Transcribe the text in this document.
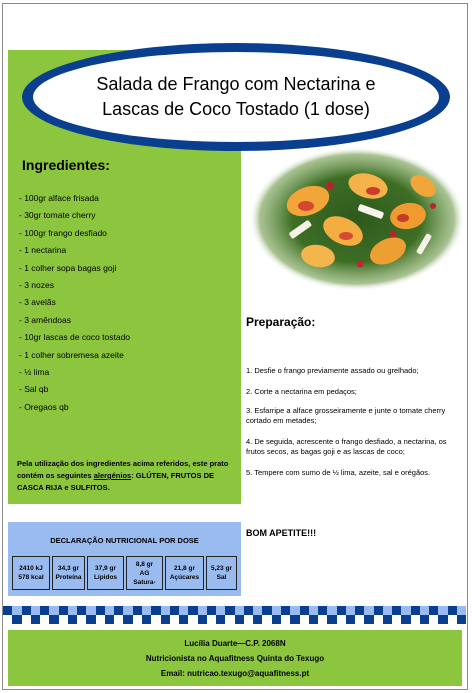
Salada de Frango com Nectarina e Lascas de Coco Tostado (1 dose)
Ingredientes:
- 100gr alface frisada
- 30gr tomate cherry
- 100gr frango desfiado
- 1 nectarina
- 1 colher sopa bagas goji
- 3 nozes
- 3 avelãs
- 3 amêndoas
- 10gr lascas de coco tostado
- 1 colher sobremesa azeite
- ½ lima
- Sal qb
- Oregaos qb
Pela utilização dos ingredientes acima referidos, este prato contém os seguintes alergénios: GLÚTEN, FRUTOS DE CASCA RIJA e SULFITOS.
DECLARAÇÃO NUTRICIONAL POR DOSE
2410 kJ
578 kcal
34,3 gr
Proteína
37,9 gr
Lípidos
8,8 gr
AG Satura-
21,8 gr
Açúcares
5,23 gr
Sal
Preparação:
1. Desfie o frango previamente assado ou grelhado;
2. Corte a nectarina em pedaços;
3. Esfarripe a alface grosseiramente e junte o tomate cherry cortado em metades;
4. De seguida, acrescente o frango desfiado, a nectarina, os frutos secos, as bagas goji e as lascas de coco;
5. Tempere com sumo de ½ lima, azeite, sal e orégãos.
BOM APETITE!!!
Lucília Duarte—C.P. 2068N
Nutricionista no Aquafitness Quinta do Texugo
Email: nutricao.texugo@aquafitness.pt
